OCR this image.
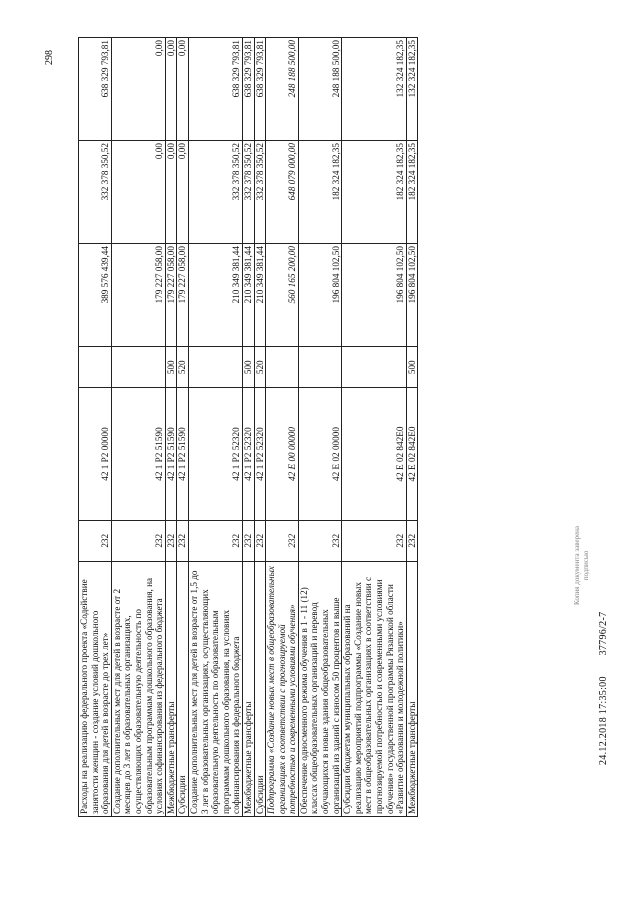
298
Расходы на реализацию федерального проекта «Содействие занятости женщин - создание условий дошкольного образования для детей в возрасте до трех лет»	232	42 1 P2 00000		389 576 439,44	332 378 350,52	638 329 793,81
Создание дополнительных мест для детей в возрасте от 2 месяцев до 3 лет в образовательных организациях, осуществляющих образовательную деятельность по образовательным программам дошкольного образования, на условиях софинансирования из федерального бюджета	232	42 1 P2 51590		179 227 058,00	0,00	0,00
Межбюджетные трансферты	232	42 1 P2 51590	500	179 227 058,00	0,00	0,00
Субсидии	232	42 1 P2 51590	520	179 227 058,00	0,00	0,00
Создание дополнительных мест для детей в возрасте от 1,5 до 3 лет в образовательных организациях, осуществляющих образовательную деятельность по образовательным программам дошкольного образования, на условиях софинансирования из федерального бюджета	232	42 1 P2 52320		210 349 381,44	332 378 350,52	638 329 793,81
Межбюджетные трансферты	232	42 1 P2 52320	500	210 349 381,44	332 378 350,52	638 329 793,81
Субсидии	232	42 1 P2 52320	520	210 349 381,44	332 378 350,52	638 329 793,81
Подпрограмма «Создание новых мест в общеобразовательных организациях в соответствии с прогнозируемой потребностью и современными условиями обучения»	232	42 Е 00 00000		560 165 200,00	648 079 000,00	248 188 500,00
Обеспечение односменного режима обучения в 1 - 11 (12) классах общеобразовательных организаций и перевод обучающихся в новые здания общеобразовательных организаций из зданий с износом 50 процентов и выше	232	42 Е 02 00000		196 804 102,50	182 324 182,35	248 188 500,00
Субсидии бюджетам муниципальных образований на реализацию мероприятий подпрограммы «Создание новых мест в общеобразовательных организациях в соответствии с прогнозируемой потребностью и современными условиями обучения» государственной программы Рязанской области «Развитие образования и молодежной политики»	232	42 Е 02 842Е0		196 804 102,50	182 324 182,35	132 324 182,35
Межбюджетные трансферты	232	42 Е 02 842Е0	500	196 804 102,50	182 324 182,35	132 324 182,35
Копия документа заверена подписью
24.12.2018 17:35:00 37796/2-7
